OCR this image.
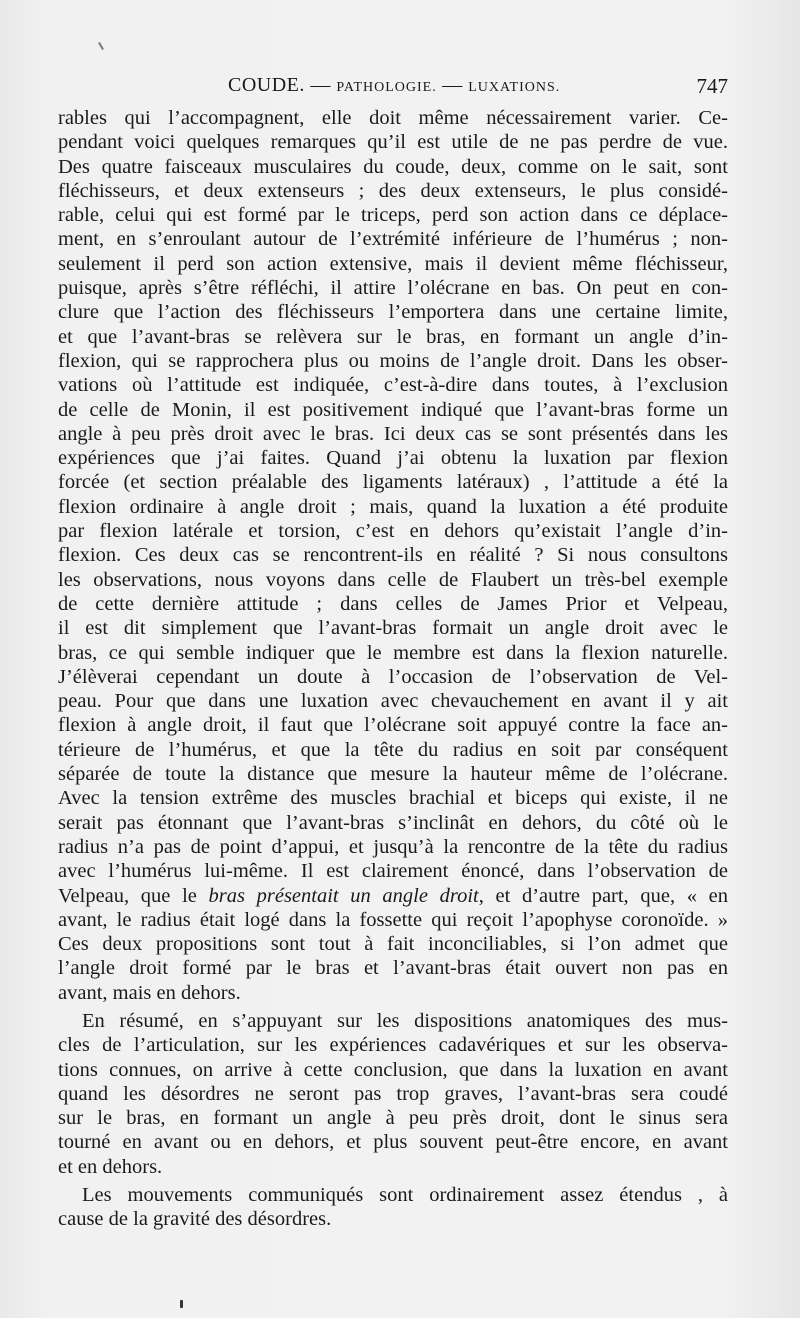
COUDE. — PATHOLOGIE. — LUXATIONS.	747
rables qui l’accompagnent, elle doit même nécessairement varier. Ce-
pendant voici quelques remarques qu’il est utile de ne pas perdre de vue.
Des quatre faisceaux musculaires du coude, deux, comme on le sait, sont
fléchisseurs, et deux extenseurs ; des deux extenseurs, le plus considé-
rable, celui qui est formé par le triceps, perd son action dans ce déplace-
ment, en s’enroulant autour de l’extrémité inférieure de l’humérus ; non-
seulement il perd son action extensive, mais il devient même fléchisseur,
puisque, après s’être réfléchi, il attire l’olécrane en bas. On peut en con-
clure que l’action des fléchisseurs l’emportera dans une certaine limite,
et que l’avant-bras se relèvera sur le bras, en formant un angle d’in-
flexion, qui se rapprochera plus ou moins de l’angle droit. Dans les obser-
vations où l’attitude est indiquée, c’est-à-dire dans toutes, à l’exclusion
de celle de Monin, il est positivement indiqué que l’avant-bras forme un
angle à peu près droit avec le bras. Ici deux cas se sont présentés dans les
expériences que j’ai faites. Quand j’ai obtenu la luxation par flexion
forcée (et section préalable des ligaments latéraux) , l’attitude a été la
flexion ordinaire à angle droit ; mais, quand la luxation a été produite
par flexion latérale et torsion, c’est en dehors qu’existait l’angle d’in-
flexion. Ces deux cas se rencontrent-ils en réalité ? Si nous consultons
les observations, nous voyons dans celle de Flaubert un très-bel exemple
de cette dernière attitude ; dans celles de James Prior et Velpeau,
il est dit simplement que l’avant-bras formait un angle droit avec le
bras, ce qui semble indiquer que le membre est dans la flexion naturelle.
J’élèverai cependant un doute à l’occasion de l’observation de Vel-
peau. Pour que dans une luxation avec chevauchement en avant il y ait
flexion à angle droit, il faut que l’olécrane soit appuyé contre la face an-
térieure de l’humérus, et que la tête du radius en soit par conséquent
séparée de toute la distance que mesure la hauteur même de l’olécrane.
Avec la tension extrême des muscles brachial et biceps qui existe, il ne
serait pas étonnant que l’avant-bras s’inclinât en dehors, du côté où le
radius n’a pas de point d’appui, et jusqu’à la rencontre de la tête du radius
avec l’humérus lui-même. Il est clairement énoncé, dans l’observation de
Velpeau, que le bras présentait un angle droit, et d’autre part, que, « en
avant, le radius était logé dans la fossette qui reçoit l’apophyse coronoïde. »
Ces deux propositions sont tout à fait inconciliables, si l’on admet que
l’angle droit formé par le bras et l’avant-bras était ouvert non pas en
avant, mais en dehors.
En résumé, en s’appuyant sur les dispositions anatomiques des mus-
cles de l’articulation, sur les expériences cadavériques et sur les observa-
tions connues, on arrive à cette conclusion, que dans la luxation en avant
quand les désordres ne seront pas trop graves, l’avant-bras sera coudé
sur le bras, en formant un angle à peu près droit, dont le sinus sera
tourné en avant ou en dehors, et plus souvent peut-être encore, en avant
et en dehors.
Les mouvements communiqués sont ordinairement assez étendus , à
cause de la gravité des désordres.
